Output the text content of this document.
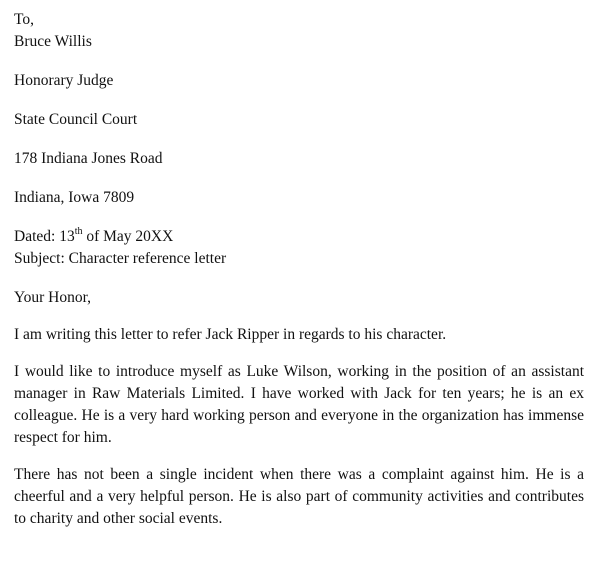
To,
Bruce Willis
Honorary Judge
State Council Court
178 Indiana Jones Road
Indiana, Iowa 7809
Dated: 13th of May 20XX
Subject: Character reference letter
Your Honor,
I am writing this letter to refer Jack Ripper in regards to his character.
I would like to introduce myself as Luke Wilson, working in the position of an assistant manager in Raw Materials Limited. I have worked with Jack for ten years; he is an ex colleague. He is a very hard working person and everyone in the organization has immense respect for him.
There has not been a single incident when there was a complaint against him. He is a cheerful and a very helpful person. He is also part of community activities and contributes to charity and other social events.
